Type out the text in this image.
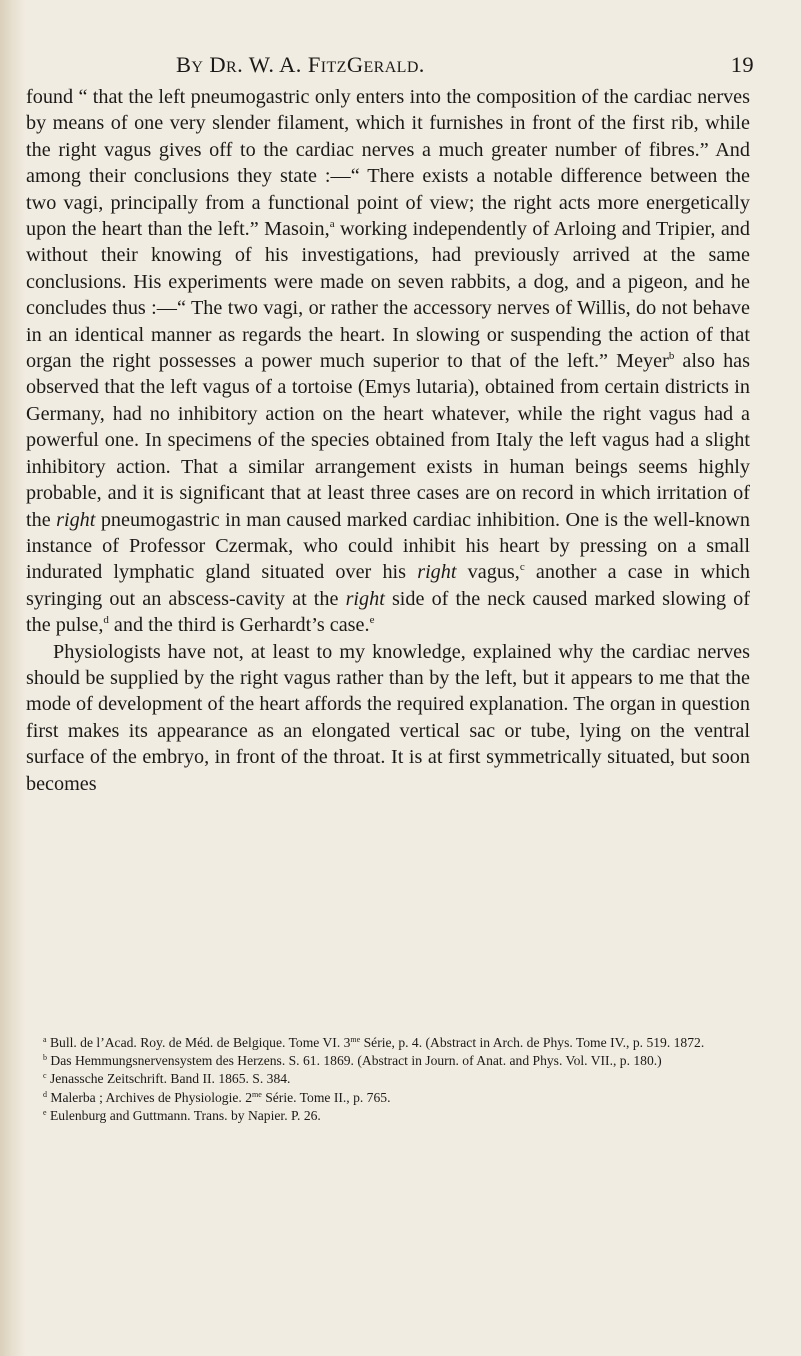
By Dr. W. A. FitzGerald.	19

found “ that the left pneumogastric only enters into the composition of the cardiac nerves by means of one very slender filament, which it furnishes in front of the first rib, while the right vagus gives off to the cardiac nerves a much greater number of fibres.” And among their conclusions they state :—“ There exists a notable difference between the two vagi, principally from a functional point of view; the right acts more energetically upon the heart than the left.” Masoin,$^a$ working independently of Arloing and Tripier, and without their knowing of his investigations, had previously arrived at the same conclusions. His experiments were made on seven rabbits, a dog, and a pigeon, and he concludes thus :—“ The two vagi, or rather the accessory nerves of Willis, do not behave in an identical manner as regards the heart. In slowing or suspending the action of that organ the right possesses a power much superior to that of the left.” Meyer$^b$ also has observed that the left vagus of a tortoise (Emys lutaria), obtained from certain districts in Germany, had no inhibitory action on the heart whatever, while the right vagus had a powerful one. In specimens of the species obtained from Italy the left vagus had a slight inhibitory action. That a similar arrangement exists in human beings seems highly probable, and it is significant that at least three cases are on record in which irritation of the right pneumogastric in man caused marked cardiac inhibition. One is the well-known instance of Professor Czermak, who could inhibit his heart by pressing on a small indurated lymphatic gland situated over his right vagus,$^c$ another a case in which syringing out an abscess-cavity at the right side of the neck caused marked slowing of the pulse,$^d$ and the third is Gerhardt’s case.$^e$

Physiologists have not, at least to my knowledge, explained why the cardiac nerves should be supplied by the right vagus rather than by the left, but it appears to me that the mode of development of the heart affords the required explanation. The organ in question first makes its appearance as an elongated vertical sac or tube, lying on the ventral surface of the embryo, in front of the throat. It is at first symmetrically situated, but soon becomes

$^a$ Bull. de l’Acad. Roy. de Méd. de Belgique. Tome VI. $3^{me}$ Série, p. 4. (Abstract in Arch. de Phys. Tome IV., p. 519. 1872.

$^b$ Das Hemmungsnervensystem des Herzens. S. 61. 1869. (Abstract in Journ. of Anat. and Phys. Vol. VII., p. 180.)

$^c$ Jenassche Zeitschrift. Band II. 1865. S. 384.

$^d$ Malerba ; Archives de Physiologie. $2^{me}$ Série. Tome II., p. 765.

$^e$ Eulenburg and Guttmann. Trans. by Napier. P. 26.
